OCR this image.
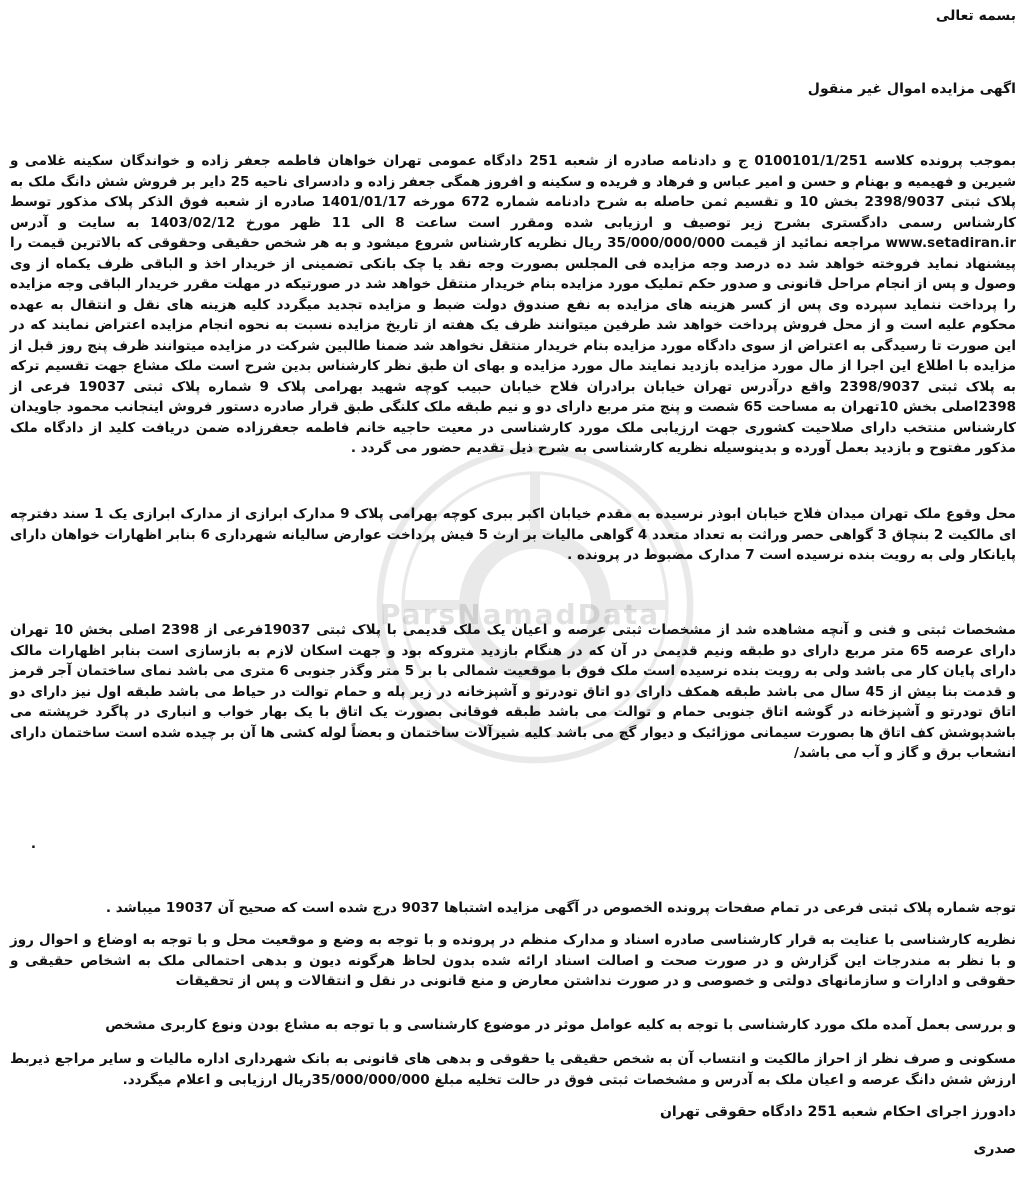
ParsNamadData
بسمه تعالی
اگهی مزایده اموال غیر منقول
بموجب پرونده کلاسه 0100101/1/251 ج و دادنامه صادره از شعبه 251 دادگاه عمومی تهران خواهان فاطمه جعفر زاده و خواندگان سکینه غلامی و شیرین و فهیمیه و بهنام و حسن و امیر عباس و فرهاد و فریده و سکینه و افروز همگی جعفر زاده و دادسرای ناحیه 25 دایر بر فروش شش دانگ ملک به پلاک ثبتی 2398/9037 بخش 10 و تقسیم ثمن حاصله به شرح دادنامه شماره 672 مورخه 1401/01/17 صادره از شعبه فوق الذکر پلاک مذکور توسط کارشناس رسمی دادگستری بشرح زیر توصیف و ارزیابی شده ومقرر است ساعت 8 الی 11 ظهر مورخ 1403/02/12 به سایت و آدرس www.setadiran.ir مراجعه نمائید از قیمت 35/000/000/000 ریال نظریه کارشناس شروع میشود و به هر شخص حقیقی وحقوقی که بالاترین قیمت را پیشنهاد نماید فروخته خواهد شد ده درصد وجه مزایده فی المجلس بصورت وجه نقد یا چک بانکی تضمینی از خریدار اخذ و الباقی ظرف یکماه از وی وصول و پس از انجام مراحل قانونی و صدور حکم تملیک مورد مزایده بنام خریدار منتقل خواهد شد در صورتیکه در مهلت مقرر خریدار الباقی وجه مزایده را پرداخت ننماید سپرده وی پس از کسر هزینه های مزایده به نفع صندوق دولت ضبط و مزایده تجدید میگردد کلیه هزینه های نقل و انتقال به عهده محکوم علیه است و از محل فروش پرداخت خواهد شد طرفین میتوانند ظرف یک هفته از تاریخ مزایده نسبت به نحوه انجام مزایده اعتراض نمایند که در این صورت تا رسیدگی به اعتراض از سوی دادگاه مورد مزایده بنام خریدار منتقل نخواهد شد ضمنا طالبین شرکت در مزایده میتوانند ظرف پنج روز قبل از مزایده با اطلاع این اجرا از مال مورد مزایده بازدید نمایند مال مورد مزایده و بهای ان طبق نظر کارشناس بدین شرح است ملک مشاع جهت تقسیم ترکه به پلاک ثبتی 2398/9037 واقع درآدرس تهران خیابان برادران فلاح خیابان حبیب کوچه شهید بهرامی پلاک 9 شماره پلاک ثبتی 19037 فرعی از 2398اصلی بخش 10تهران به مساحت 65 شصت و پنج متر مربع دارای دو و نیم طبقه ملک کلنگی طبق قرار صادره دستور فروش اینجانب محمود جاویدان کارشناس منتخب دارای صلاحیت کشوری جهت ارزیابی ملک مورد کارشناسی در معیت حاجیه خانم فاطمه جعفرزاده ضمن دریافت کلید از دادگاه ملک مذکور مفتوح و بازدید بعمل آورده و بدینوسیله نظریه کارشناسی به شرح ذیل تقدیم حضور می گردد .
محل وقوع ملک تهران میدان فلاح خیابان ابوذر نرسیده به مقدم خیابان اکبر ببری کوچه بهرامی پلاک 9 مدارک ابرازی از مدارک ابرازی یک 1 سند دفترچه ای مالکیت 2 بنچاق 3 گواهی حصر وراثت به تعداد متعدد 4 گواهی مالیات بر ارث 5 فیش پرداخت عوارض سالیانه شهرداری 6 بنابر اظهارات خواهان دارای پایانکار ولی به رویت بنده نرسیده است 7 مدارک مضبوط در پرونده .
مشخصات ثبتی و فنی و آنچه مشاهده شد از مشخصات ثبتی عرصه و اعیان یک ملک قدیمی با پلاک ثبتی 19037فرعی از 2398 اصلی بخش 10 تهران دارای عرصه 65 متر مربع دارای دو طبقه ونیم قدیمی در آن که در هنگام بازدید متروکه بود و جهت اسکان لازم به بازسازی است بنابر اظهارات مالک دارای پایان کار می باشد ولی به رویت بنده نرسیده است ملک فوق با موقعیت شمالی با بر 5 متر وگذر جنوبی 6 متری می باشد نمای ساختمان آجر قرمز و قدمت بنا بیش از 45 سال می باشد طبقه همکف دارای دو اتاق تودرتو و آشپزخانه در زیر پله و حمام توالت در حیاط می باشد طبقه اول نیز دارای دو اتاق تودرتو و آشپزخانه در گوشه اتاق جنوبی حمام و توالت می باشد طبقه فوقانی بصورت یک اتاق با یک بهار خواب و انباری در پاگرد خرپشته می باشدپوشش کف اتاق ها بصورت سیمانی موزائیک و دیوار گچ می باشد کلیه شیرآلات ساختمان و بعضاً لوله کشی ها آن بر چیده شده است ساختمان دارای انشعاب برق و گاز و آب می باشد/
.
توجه شماره پلاک ثبتی فرعی در تمام صفحات پرونده الخصوص در آگهی مزایده اشتباها 9037 درج شده است که صحیح آن 19037 میباشد .
نظریه کارشناسی با عنایت به قرار کارشناسی صادره اسناد و مدارک منظم در پرونده و با توجه به وضع و موقعیت محل و با توجه به اوضاع و احوال روز و با نظر به مندرجات این گزارش و در صورت صحت و اصالت اسناد ارائه شده بدون لحاظ هرگونه دیون و بدهی احتمالی ملک به اشخاص حقیقی و حقوقی و ادارات و سازمانهای دولتی و خصوصی و در صورت نداشتن معارض و منع قانونی در نقل و انتقالات و پس از تحقیقات
و بررسی بعمل آمده ملک مورد کارشناسی با توجه به کلیه عوامل موثر در موضوع کارشناسی و با توجه به مشاع بودن ونوع کاربری مشخص
مسکونی و صرف نظر از احراز مالکیت و انتساب آن به شخص حقیقی یا حقوقی و بدهی های قانونی به بانک شهرداری اداره مالیات و سایر مراجع ذیربط ارزش شش دانگ عرصه و اعیان ملک به آدرس و مشخصات ثبتی فوق در حالت تخلیه مبلغ 35/000/000/000ریال ارزیابی و اعلام میگردد.
دادورز اجرای احکام شعبه 251 دادگاه حقوقی تهران
صدری
